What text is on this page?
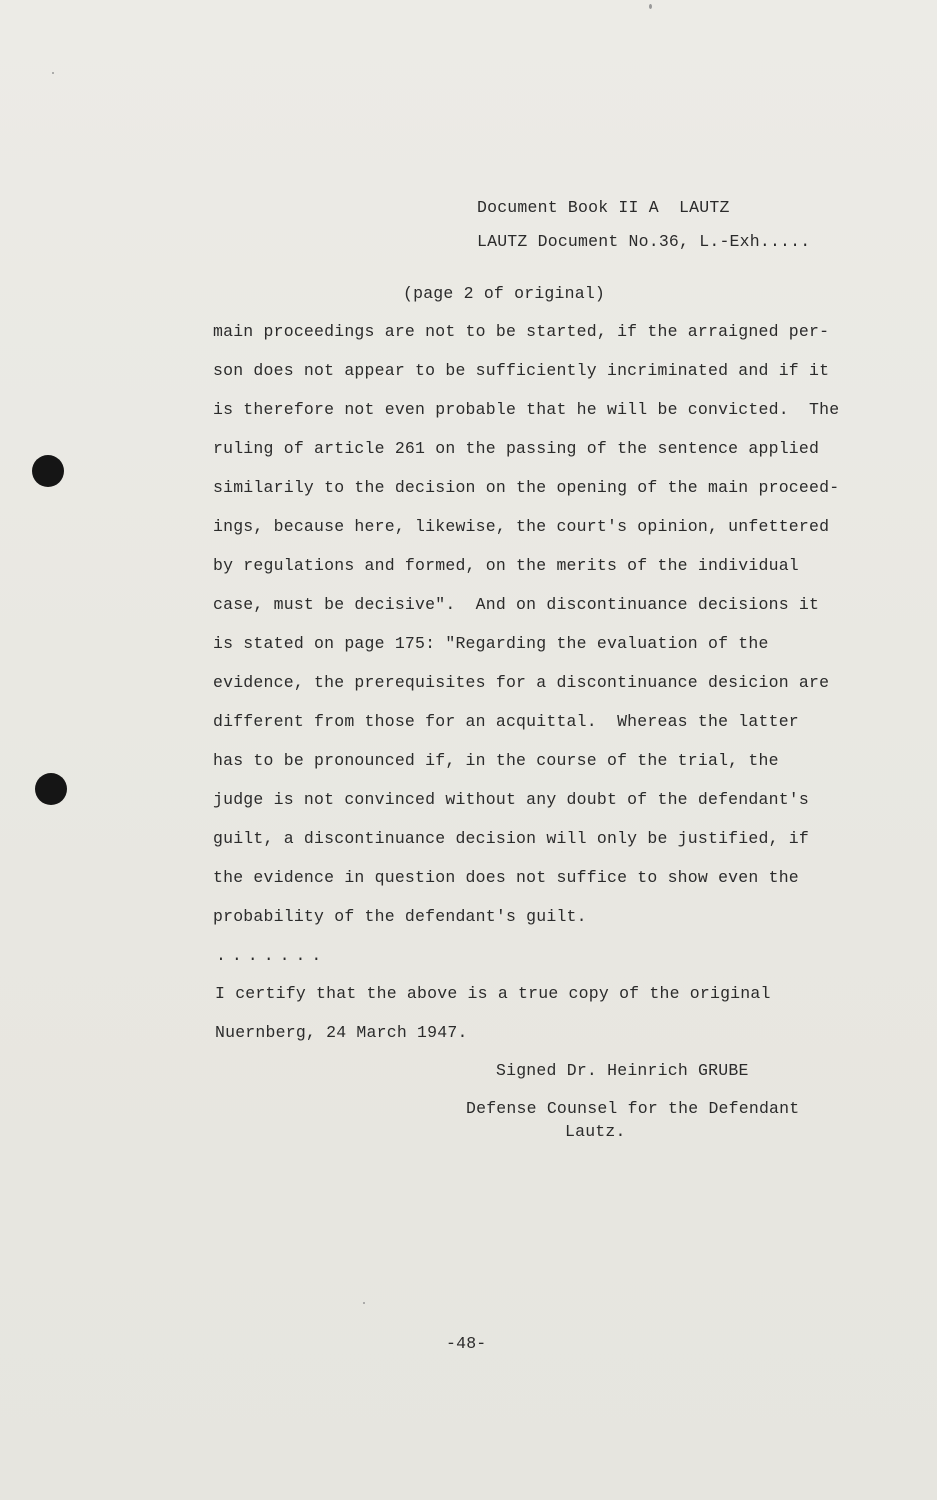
Document Book II A  LAUTZ
LAUTZ Document No.36, L.-Exh.....
(page 2 of original)
main proceedings are not to be started, if the arraigned per-
son does not appear to be sufficiently incriminated and if it
is therefore not even probable that he will be convicted.  The
ruling of article 261 on the passing of the sentence applied
similarily to the decision on the opening of the main proceed-
ings, because here, likewise, the court's opinion, unfettered
by regulations and formed, on the merits of the individual
case, must be decisive".  And on discontinuance decisions it
is stated on page 175: "Regarding the evaluation of the
evidence, the prerequisites for a discontinuance desicion are
different from those for an acquittal.  Whereas the latter
has to be pronounced if, in the course of the trial, the
judge is not convinced without any doubt of the defendant's
guilt, a discontinuance decision will only be justified, if
the evidence in question does not suffice to show even the
probability of the defendant's guilt.
.......
I certify that the above is a true copy of the original
Nuernberg, 24 March 1947.
Signed Dr. Heinrich GRUBE
Defense Counsel for the Defendant
Lautz.
-48-
